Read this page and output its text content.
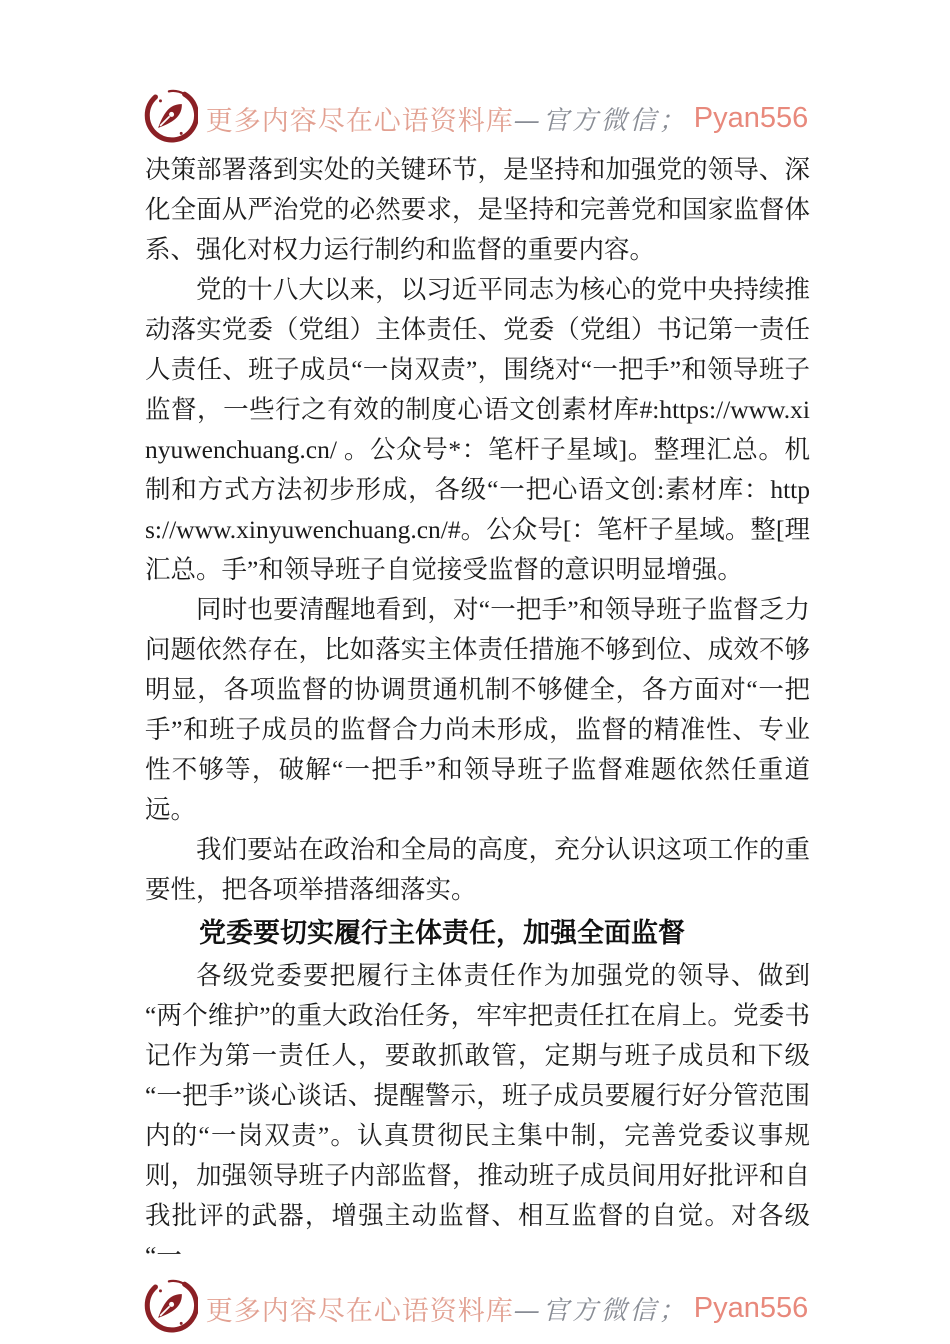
更多内容尽在心语资料库 —官方微信； Pyan556

决策部署落到实处的关键环节，是坚持和加强党的领导、深化全面从严治党的必然要求，是坚持和完善党和国家监督体系、强化对权力运行制约和监督的重要内容。

党的十八大以来，以习近平同志为核心的党中央持续推动落实党委（党组）主体责任、党委（党组）书记第一责任人责任、班子成员“一岗双责”，围绕对“一把手”和领导班子监督，一些行之有效的制度心语文创素材库#:https://www.xinyuwenchuang.cn/ 。公众号*：笔杆子星域]。整理汇总。机制和方式方法初步形成，各级“一把心语文创:素材库：https://www.xinyuwenchuang.cn/#。公众号[：笔杆子星域。整[理汇总。手”和领导班子自觉接受监督的意识明显增强。

同时也要清醒地看到，对“一把手”和领导班子监督乏力问题依然存在，比如落实主体责任措施不够到位、成效不够明显，各项监督的协调贯通机制不够健全，各方面对“一把手”和班子成员的监督合力尚未形成，监督的精准性、专业性不够等，破解“一把手”和领导班子监督难题依然任重道远。

我们要站在政治和全局的高度，充分认识这项工作的重要性，把各项举措落细落实。

党委要切实履行主体责任，加强全面监督

各级党委要把履行主体责任作为加强党的领导、做到“两个维护”的重大政治任务，牢牢把责任扛在肩上。党委书记作为第一责任人，要敢抓敢管，定期与班子成员和下级“一把手”谈心谈话、提醒警示，班子成员要履行好分管范围内的“一岗双责”。认真贯彻民主集中制，完善党委议事规则，加强领导班子内部监督，推动班子成员间用好批评和自我批评的武器，增强主动监督、相互监督的自觉。对各级“一

更多内容尽在心语资料库 —官方微信； Pyan556
